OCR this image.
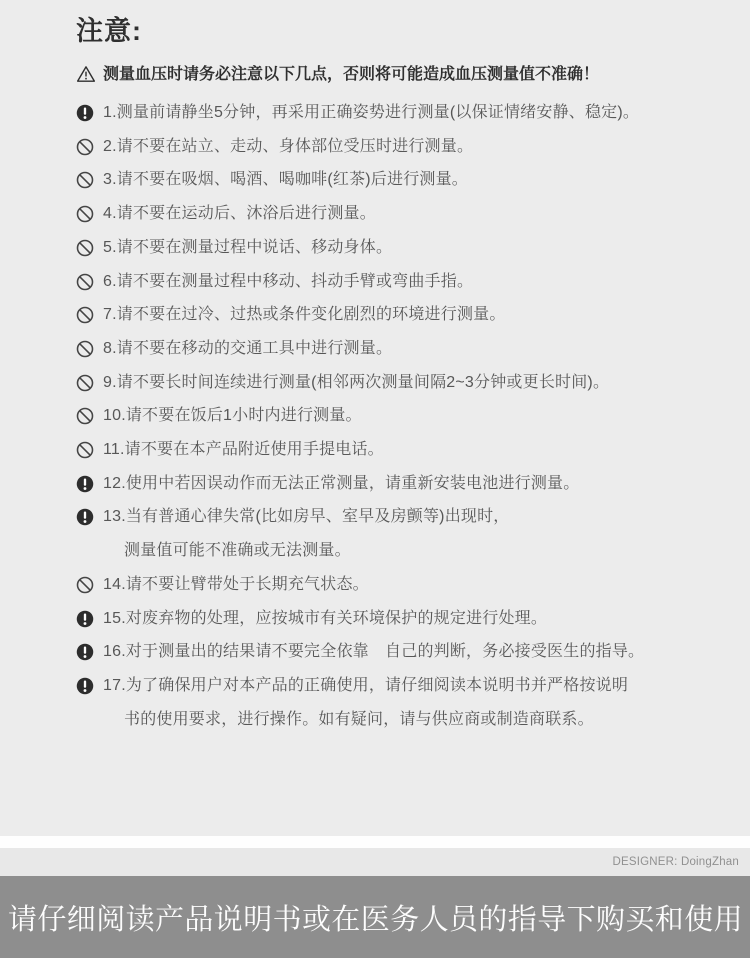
注意:
测量血压时请务必注意以下几点，否则将可能造成血压测量值不准确！
1.测量前请静坐5分钟，再采用正确姿势进行测量(以保证情绪安静、稳定)。
2.请不要在站立、走动、身体部位受压时进行测量。
3.请不要在吸烟、喝酒、喝咖啡(红茶)后进行测量。
4.请不要在运动后、沐浴后进行测量。
5.请不要在测量过程中说话、移动身体。
6.请不要在测量过程中移动、抖动手臂或弯曲手指。
7.请不要在过冷、过热或条件变化剧烈的环境进行测量。
8.请不要在移动的交通工具中进行测量。
9.请不要长时间连续进行测量(相邻两次测量间隔2~3分钟或更长时间)。
10.请不要在饭后1小时内进行测量。
11.请不要在本产品附近使用手提电话。
12.使用中若因误动作而无法正常测量，请重新安装电池进行测量。
13.当有普通心律失常(比如房早、室早及房颤等)出现时，
测量值可能不准确或无法测量。
14.请不要让臂带处于长期充气状态。
15.对废弃物的处理，应按城市有关环境保护的规定进行处理。
16.对于测量出的结果请不要完全依靠　自己的判断，务必接受医生的指导。
17.为了确保用户对本产品的正确使用，请仔细阅读本说明书并严格按说明
书的使用要求，进行操作。如有疑问，请与供应商或制造商联系。
DESIGNER: DoingZhan
请仔细阅读产品说明书或在医务人员的指导下购买和使用
